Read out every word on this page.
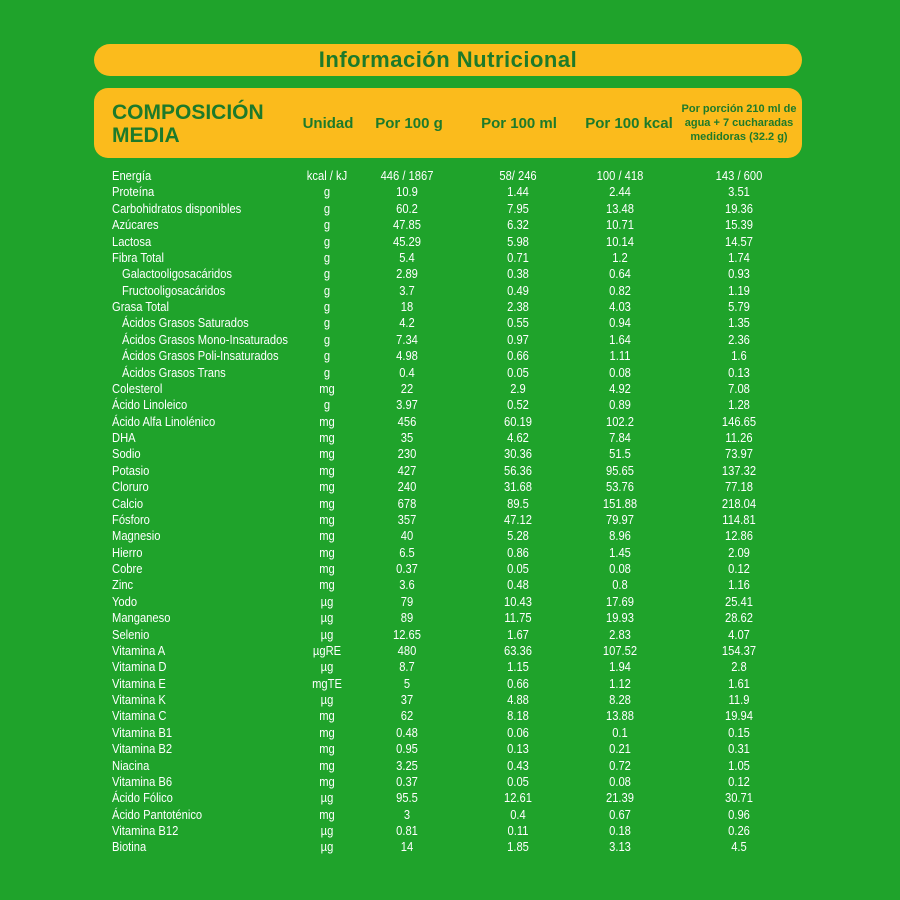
Información Nutricional
COMPOSICIÓN MEDIA
Unidad	Por 100 g	Por 100 ml	Por 100 kcal
Por porción 210 ml de agua + 7 cucharadas medidoras (32.2 g)
Energía	kcal / kJ	446 / 1867	58/ 246	100 / 418	143 / 600
Proteína	g	10.9	1.44	2.44	3.51
Carbohidratos disponibles	g	60.2	7.95	13.48	19.36
Azúcares	g	47.85	6.32	10.71	15.39
Lactosa	g	45.29	5.98	10.14	14.57
Fibra Total	g	5.4	0.71	1.2	1.74
Galactooligosacáridos	g	2.89	0.38	0.64	0.93
Fructooligosacáridos	g	3.7	0.49	0.82	1.19
Grasa Total	g	18	2.38	4.03	5.79
Ácidos Grasos Saturados	g	4.2	0.55	0.94	1.35
Ácidos Grasos Mono-Insaturados	g	7.34	0.97	1.64	2.36
Ácidos Grasos Poli-Insaturados	g	4.98	0.66	1.11	1.6
Ácidos Grasos Trans	g	0.4	0.05	0.08	0.13
Colesterol	mg	22	2.9	4.92	7.08
Ácido Linoleico	g	3.97	0.52	0.89	1.28
Ácido Alfa Linolénico	mg	456	60.19	102.2	146.65
DHA	mg	35	4.62	7.84	11.26
Sodio	mg	230	30.36	51.5	73.97
Potasio	mg	427	56.36	95.65	137.32
Cloruro	mg	240	31.68	53.76	77.18
Calcio	mg	678	89.5	151.88	218.04
Fósforo	mg	357	47.12	79.97	114.81
Magnesio	mg	40	5.28	8.96	12.86
Hierro	mg	6.5	0.86	1.45	2.09
Cobre	mg	0.37	0.05	0.08	0.12
Zinc	mg	3.6	0.48	0.8	1.16
Yodo	µg	79	10.43	17.69	25.41
Manganeso	µg	89	11.75	19.93	28.62
Selenio	µg	12.65	1.67	2.83	4.07
Vitamina A	µgRE	480	63.36	107.52	154.37
Vitamina D	µg	8.7	1.15	1.94	2.8
Vitamina E	mgTE	5	0.66	1.12	1.61
Vitamina K	µg	37	4.88	8.28	11.9
Vitamina C	mg	62	8.18	13.88	19.94
Vitamina B1	mg	0.48	0.06	0.1	0.15
Vitamina B2	mg	0.95	0.13	0.21	0.31
Niacina	mg	3.25	0.43	0.72	1.05
Vitamina B6	mg	0.37	0.05	0.08	0.12
Ácido Fólico	µg	95.5	12.61	21.39	30.71
Ácido Pantoténico	mg	3	0.4	0.67	0.96
Vitamina B12	µg	0.81	0.11	0.18	0.26
Biotina	µg	14	1.85	3.13	4.5
